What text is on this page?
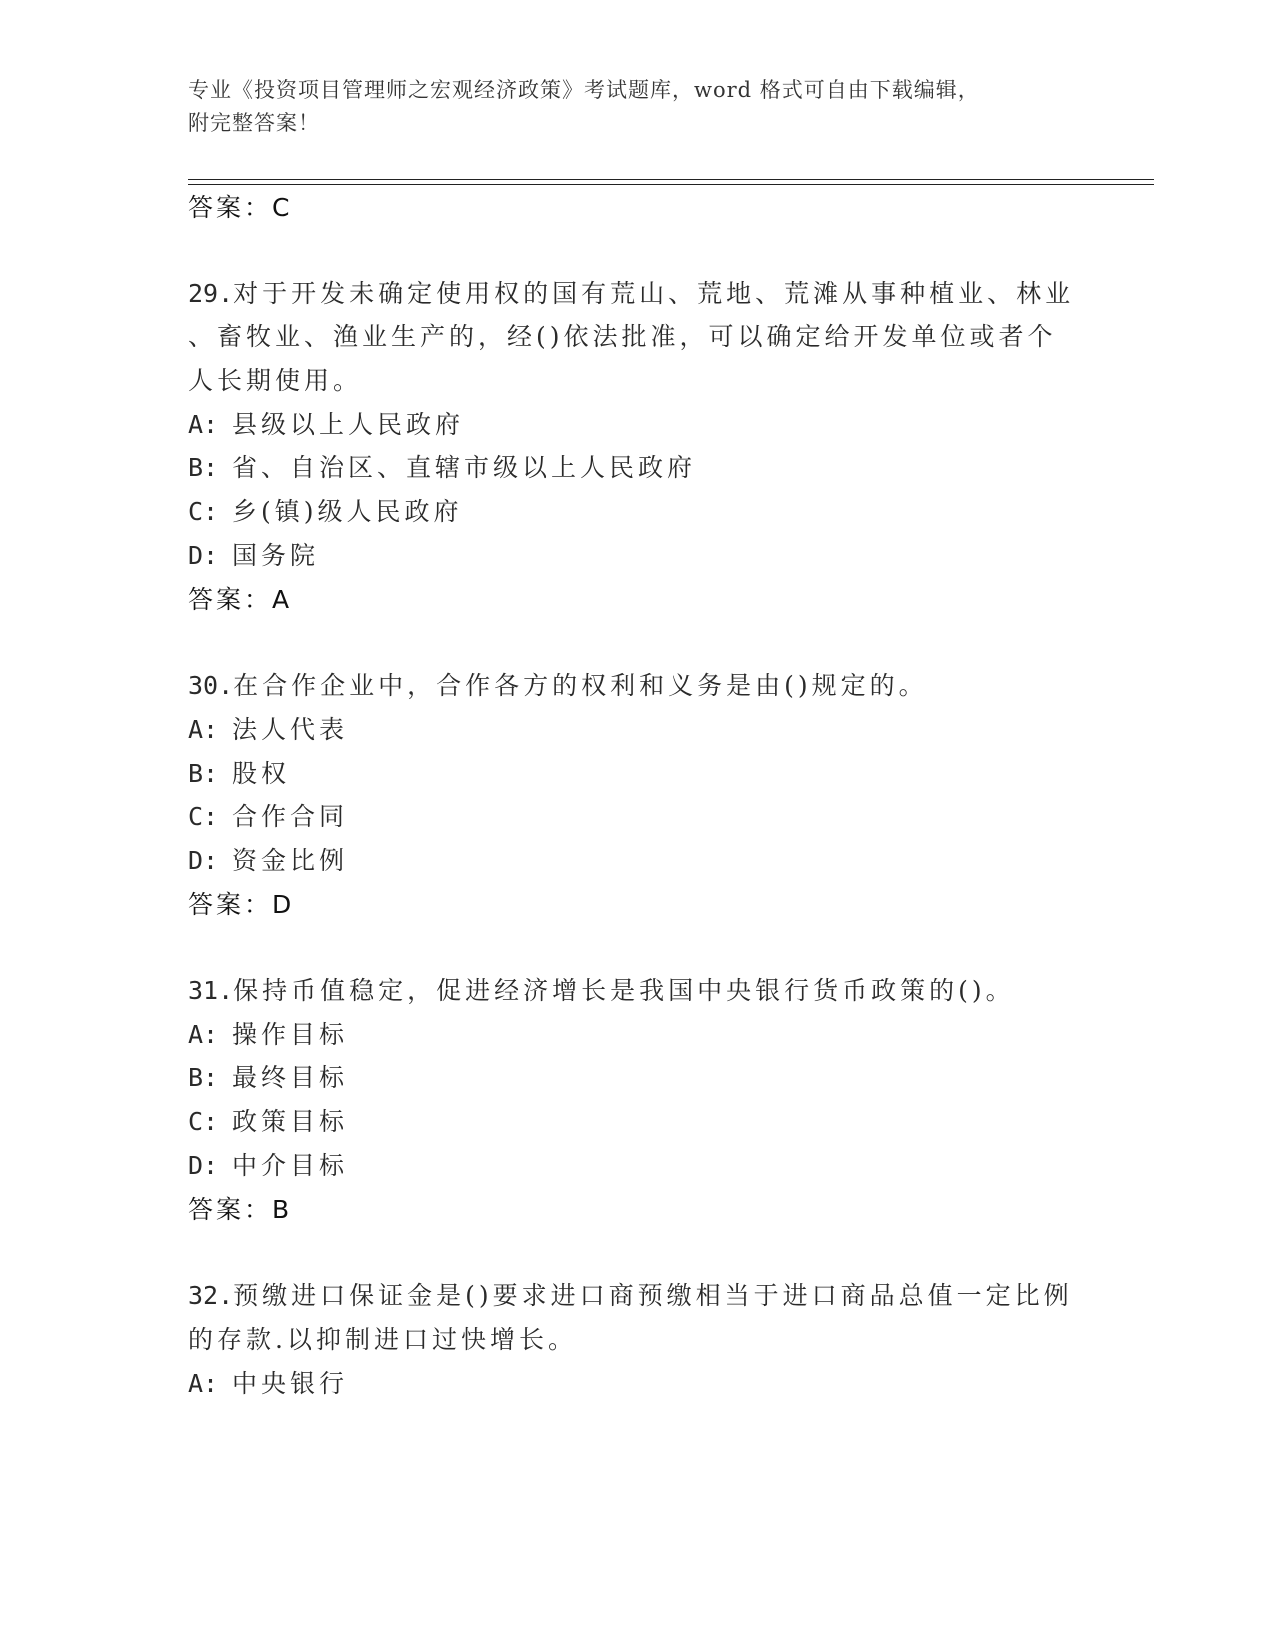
专业《投资项目管理师之宏观经济政策》考试题库，word 格式可自由下载编辑，
附完整答案！
答案：C
29.对于开发未确定使用权的国有荒山、荒地、荒滩从事种植业、林业
、畜牧业、渔业生产的，经()依法批准，可以确定给开发单位或者个
人长期使用。
A: 县级以上人民政府
B: 省、自治区、直辖市级以上人民政府
C: 乡(镇)级人民政府
D: 国务院
答案：A
30.在合作企业中，合作各方的权利和义务是由()规定的。
A: 法人代表
B: 股权
C: 合作合同
D: 资金比例
答案：D
31.保持币值稳定，促进经济增长是我国中央银行货币政策的()。
A: 操作目标
B: 最终目标
C: 政策目标
D: 中介目标
答案：B
32.预缴进口保证金是()要求进口商预缴相当于进口商品总值一定比例
的存款.以抑制进口过快增长。
A: 中央银行
